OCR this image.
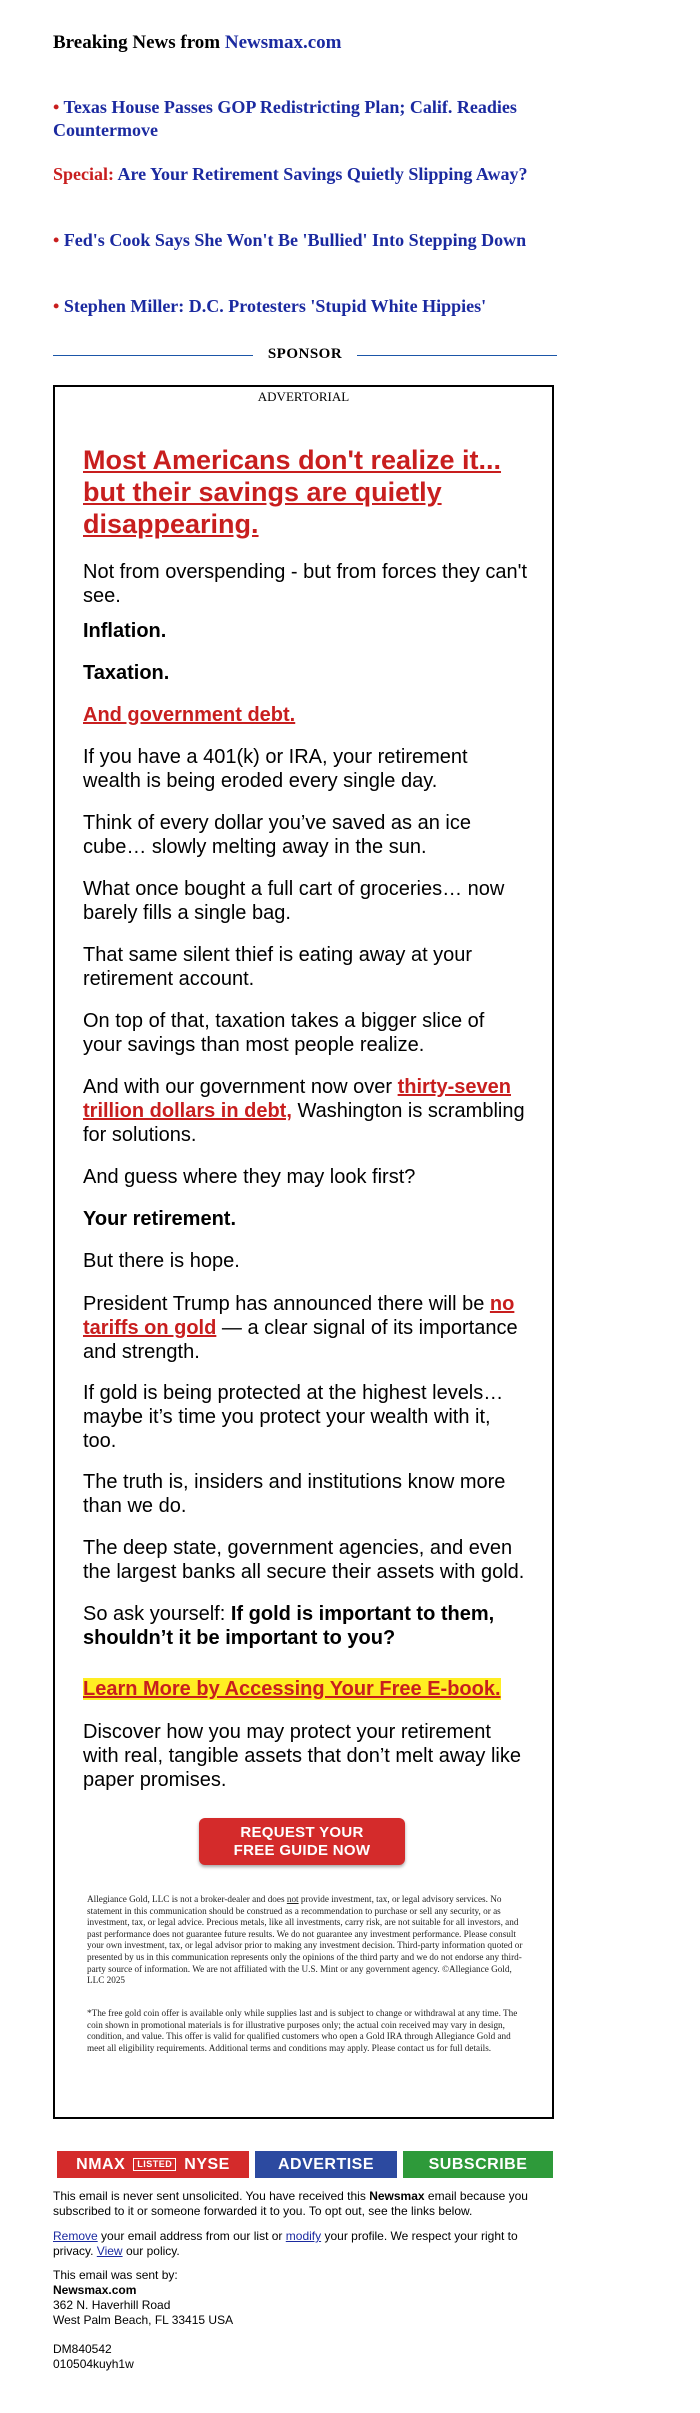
Breaking News from Newsmax.com
• Texas House Passes GOP Redistricting Plan; Calif. Readies Countermove
Special: Are Your Retirement Savings Quietly Slipping Away?
• Fed's Cook Says She Won't Be 'Bullied' Into Stepping Down
• Stephen Miller: D.C. Protesters 'Stupid White Hippies'
SPONSOR
ADVERTORIAL
Most Americans don't realize it... but their savings are quietly disappearing.
Not from overspending - but from forces they can't see.
Inflation.
Taxation.
And government debt.
If you have a 401(k) or IRA, your retirement wealth is being eroded every single day.
Think of every dollar you’ve saved as an ice cube… slowly melting away in the sun.
What once bought a full cart of groceries… now barely fills a single bag.
That same silent thief is eating away at your retirement account.
On top of that, taxation takes a bigger slice of your savings than most people realize.
And with our government now over thirty-seven trillion dollars in debt, Washington is scrambling for solutions.
And guess where they may look first?
Your retirement.
But there is hope.
President Trump has announced there will be no tariffs on gold — a clear signal of its importance and strength.
If gold is being protected at the highest levels… maybe it’s time you protect your wealth with it, too.
The truth is, insiders and institutions know more than we do.
The deep state, government agencies, and even the largest banks all secure their assets with gold.
So ask yourself: If gold is important to them, shouldn’t it be important to you?
Learn More by Accessing Your Free E-book.
Discover how you may protect your retirement with real, tangible assets that don’t melt away like paper promises.
REQUEST YOUR
FREE GUIDE NOW
Allegiance Gold, LLC is not a broker-dealer and does not provide investment, tax, or legal advisory services. No statement in this communication should be construed as a recommendation to purchase or sell any security, or as investment, tax, or legal advice. Precious metals, like all investments, carry risk, are not suitable for all investors, and past performance does not guarantee future results. We do not guarantee any investment performance. Please consult your own investment, tax, or legal advisor prior to making any investment decision. Third-party information quoted or presented by us in this communication represents only the opinions of the third party and we do not endorse any third-party source of information. We are not affiliated with the U.S. Mint or any government agency. ©Allegiance Gold, LLC 2025
*The free gold coin offer is available only while supplies last and is subject to change or withdrawal at any time. The coin shown in promotional materials is for illustrative purposes only; the actual coin received may vary in design, condition, and value. This offer is valid for qualified customers who open a Gold IRA through Allegiance Gold and meet all eligibility requirements. Additional terms and conditions may apply. Please contact us for full details.
NMAX	LISTED NYSE	ADVERTISE	SUBSCRIBE
This email is never sent unsolicited. You have received this Newsmax email because you subscribed to it or someone forwarded it to you. To opt out, see the links below.
Remove your email address from our list or modify your profile. We respect your right to privacy. View our policy.
This email was sent by:
Newsmax.com
362 N. Haverhill Road
West Palm Beach, FL 33415 USA
DM840542
010504kuyh1w
